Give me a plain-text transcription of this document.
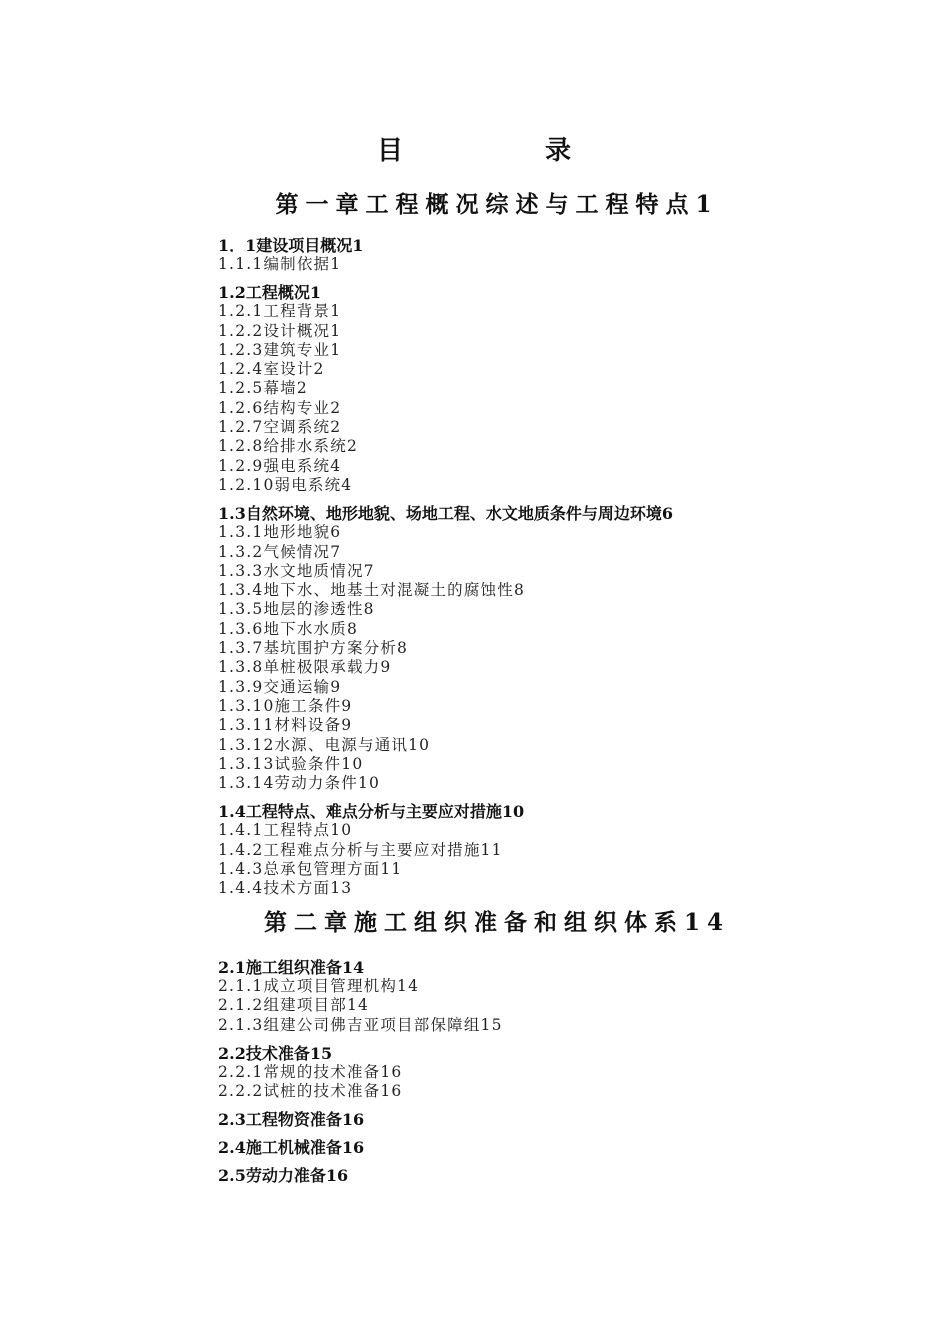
目	录
第一章工程概况综述与工程特点1
1．1建设项目概况1
1.1.1编制依据1
1.2工程概况1
1.2.1工程背景1
1.2.2设计概况1
1.2.3建筑专业1
1.2.4室设计2
1.2.5幕墙2
1.2.6结构专业2
1.2.7空调系统2
1.2.8给排水系统2
1.2.9强电系统4
1.2.10弱电系统4
1.3自然环境、地形地貌、场地工程、水文地质条件与周边环境6
1.3.1地形地貌6
1.3.2气候情况7
1.3.3水文地质情况7
1.3.4地下水、地基土对混凝土的腐蚀性8
1.3.5地层的渗透性8
1.3.6地下水水质8
1.3.7基坑围护方案分析8
1.3.8单桩极限承载力9
1.3.9交通运输9
1.3.10施工条件9
1.3.11材料设备9
1.3.12水源、电源与通讯10
1.3.13试验条件10
1.3.14劳动力条件10
1.4工程特点、难点分析与主要应对措施10
1.4.1工程特点10
1.4.2工程难点分析与主要应对措施11
1.4.3总承包管理方面11
1.4.4技术方面13
第二章施工组织准备和组织体系14
2.1施工组织准备14
2.1.1成立项目管理机构14
2.1.2组建项目部14
2.1.3组建公司佛吉亚项目部保障组15
2.2技术准备15
2.2.1常规的技术准备16
2.2.2试桩的技术准备16
2.3工程物资准备16
2.4施工机械准备16
2.5劳动力准备16
